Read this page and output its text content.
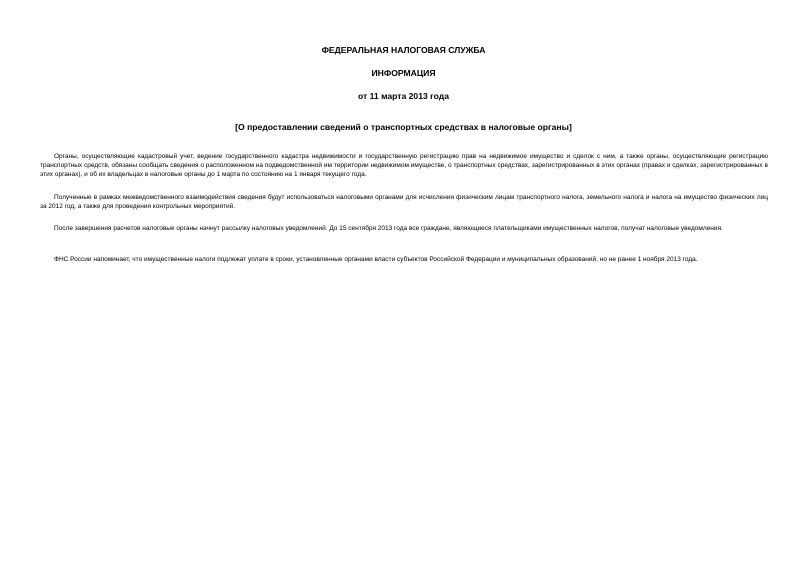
ФЕДЕРАЛЬНАЯ НАЛОГОВАЯ СЛУЖБА
ИНФОРМАЦИЯ
от 11 марта 2013 года
[О предоставлении сведений о транспортных средствах в налоговые органы]

Органы, осуществляющие кадастровый учет, ведение государственного кадастра недвижимости и государственную регистрацию прав на недвижимое имущество и сделок с ним, а также органы, осуществляющие регистрацию транспортных средств, обязаны сообщать сведения о расположенном на подведомственной им территории недвижимом имуществе, о транспортных средствах, зарегистрированных в этих органах (правах и сделках, зарегистрированных в этих органах), и об их владельцах в налоговые органы до 1 марта по состоянию на 1 января текущего года.

Полученные в рамках межведомственного взаимодействия сведения будут использоваться налоговыми органами для исчисления физическим лицам транспортного налога, земельного налога и налога на имущество физических лиц за 2012 год, а также для проведения контрольных мероприятий.

После завершения расчетов налоговые органы начнут рассылку налоговых уведомлений. До 15 сентября 2013 года все граждане, являющиеся плательщиками имущественных налогов, получат налоговые уведомления.

ФНС России напоминает, что имущественные налоги подлежат уплате в сроки, установленные органами власти субъектов Российской Федерации и муниципальных образований, но не ранее 1 ноября 2013 года.
